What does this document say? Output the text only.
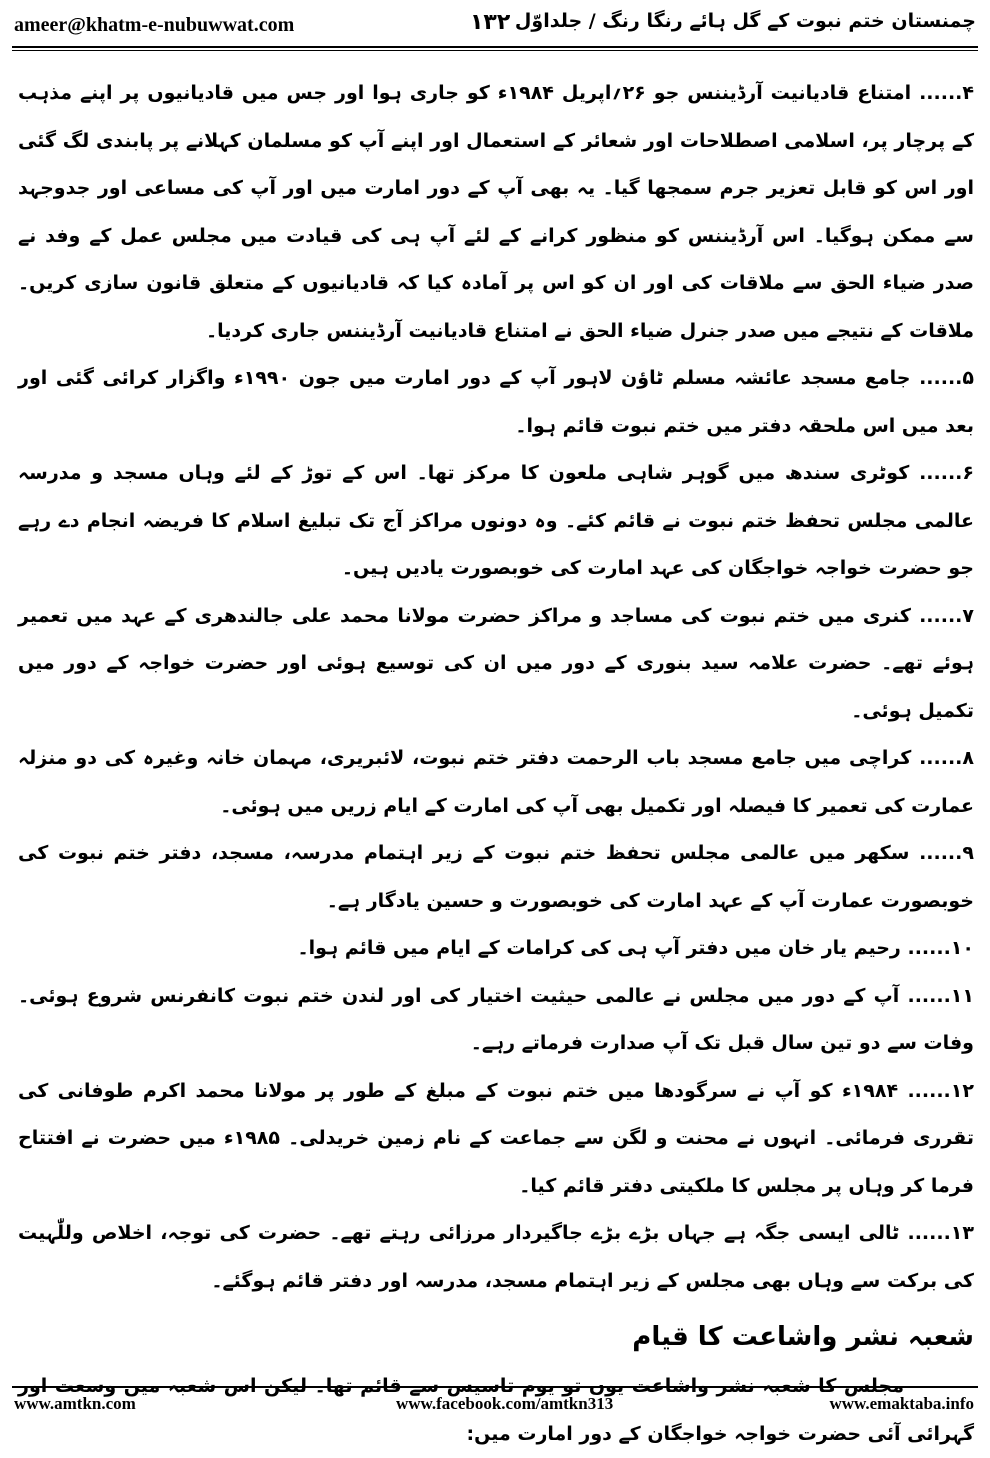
ameer@khatm-e-nubuwwat.com	۱۳۲ چمنستان ختم نبوت کے گل ہائے رنگا رنگ / جلداوّل

۴...... امتناع قادیانیت آرڈیننس جو ۲۶؍اپریل ۱۹۸۴ء کو جاری ہوا اور جس میں قادیانیوں پر اپنے مذہب کے پرچار پر، اسلامی اصطلاحات اور شعائر کے استعمال اور اپنے آپ کو مسلمان کہلانے پر پابندی لگ گئی اور اس کو قابل تعزیر جرم سمجھا گیا۔ یہ بھی آپ کے دور امارت میں اور آپ کی مساعی اور جدوجہد سے ممکن ہوگیا۔ اس آرڈیننس کو منظور کرانے کے لئے آپ ہی کی قیادت میں مجلس عمل کے وفد نے صدر ضیاء الحق سے ملاقات کی اور ان کو اس پر آمادہ کیا کہ قادیانیوں کے متعلق قانون سازی کریں۔ ملاقات کے نتیجے میں صدر جنرل ضیاء الحق نے امتناع قادیانیت آرڈیننس جاری کردیا۔

۵...... جامع مسجد عائشہ مسلم ٹاؤن لاہور آپ کے دور امارت میں جون ۱۹۹۰ء واگزار کرائی گئی اور بعد میں اس ملحقہ دفتر میں ختم نبوت قائم ہوا۔

۶...... کوٹری سندھ میں گوہر شاہی ملعون کا مرکز تھا۔ اس کے توڑ کے لئے وہاں مسجد و مدرسہ عالمی مجلس تحفظ ختم نبوت نے قائم کئے۔ وہ دونوں مراکز آج تک تبلیغ اسلام کا فریضہ انجام دے رہے جو حضرت خواجہ خواجگان کی عہد امارت کی خوبصورت یادیں ہیں۔

۷...... کنری میں ختم نبوت کی مساجد و مراکز حضرت مولانا محمد علی جالندھری کے عہد میں تعمیر ہوئے تھے۔ حضرت علامہ سید بنوری کے دور میں ان کی توسیع ہوئی اور حضرت خواجہ کے دور میں تکمیل ہوئی۔

۸...... کراچی میں جامع مسجد باب الرحمت دفتر ختم نبوت، لائبریری، مہمان خانہ وغیرہ کی دو منزلہ عمارت کی تعمیر کا فیصلہ اور تکمیل بھی آپ کی امارت کے ایام زریں میں ہوئی۔

۹...... سکھر میں عالمی مجلس تحفظ ختم نبوت کے زیر اہتمام مدرسہ، مسجد، دفتر ختم نبوت کی خوبصورت عمارت آپ کے عہد امارت کی خوبصورت و حسین یادگار ہے۔

۱۰...... رحیم یار خان میں دفتر آپ ہی کی کرامات کے ایام میں قائم ہوا۔

۱۱...... آپ کے دور میں مجلس نے عالمی حیثیت اختیار کی اور لندن ختم نبوت کانفرنس شروع ہوئی۔ وفات سے دو تین سال قبل تک آپ صدارت فرماتے رہے۔

۱۲...... ۱۹۸۴ء کو آپ نے سرگودھا میں ختم نبوت کے مبلغ کے طور پر مولانا محمد اکرم طوفانی کی تقرری فرمائی۔ انہوں نے محنت و لگن سے جماعت کے نام زمین خریدلی۔ ۱۹۸۵ء میں حضرت نے افتتاح فرما کر وہاں پر مجلس کا ملکیتی دفتر قائم کیا۔

۱۳...... ٹالی ایسی جگہ ہے جہاں بڑے بڑے جاگیردار مرزائی رہتے تھے۔ حضرت کی توجہ، اخلاص وللّٰہیت کی برکت سے وہاں بھی مجلس کے زیر اہتمام مسجد، مدرسہ اور دفتر قائم ہوگئے۔

شعبہ نشر واشاعت کا قیام

مجلس کا شعبہ نشر واشاعت یوں تو یوم تاسیس سے قائم تھا۔ لیکن اس شعبہ میں وسعت اور گہرائی آئی حضرت خواجہ خواجگان کے دور امارت میں:

www.amtkn.com	www.facebook.com/amtkn313	www.emaktaba.info
